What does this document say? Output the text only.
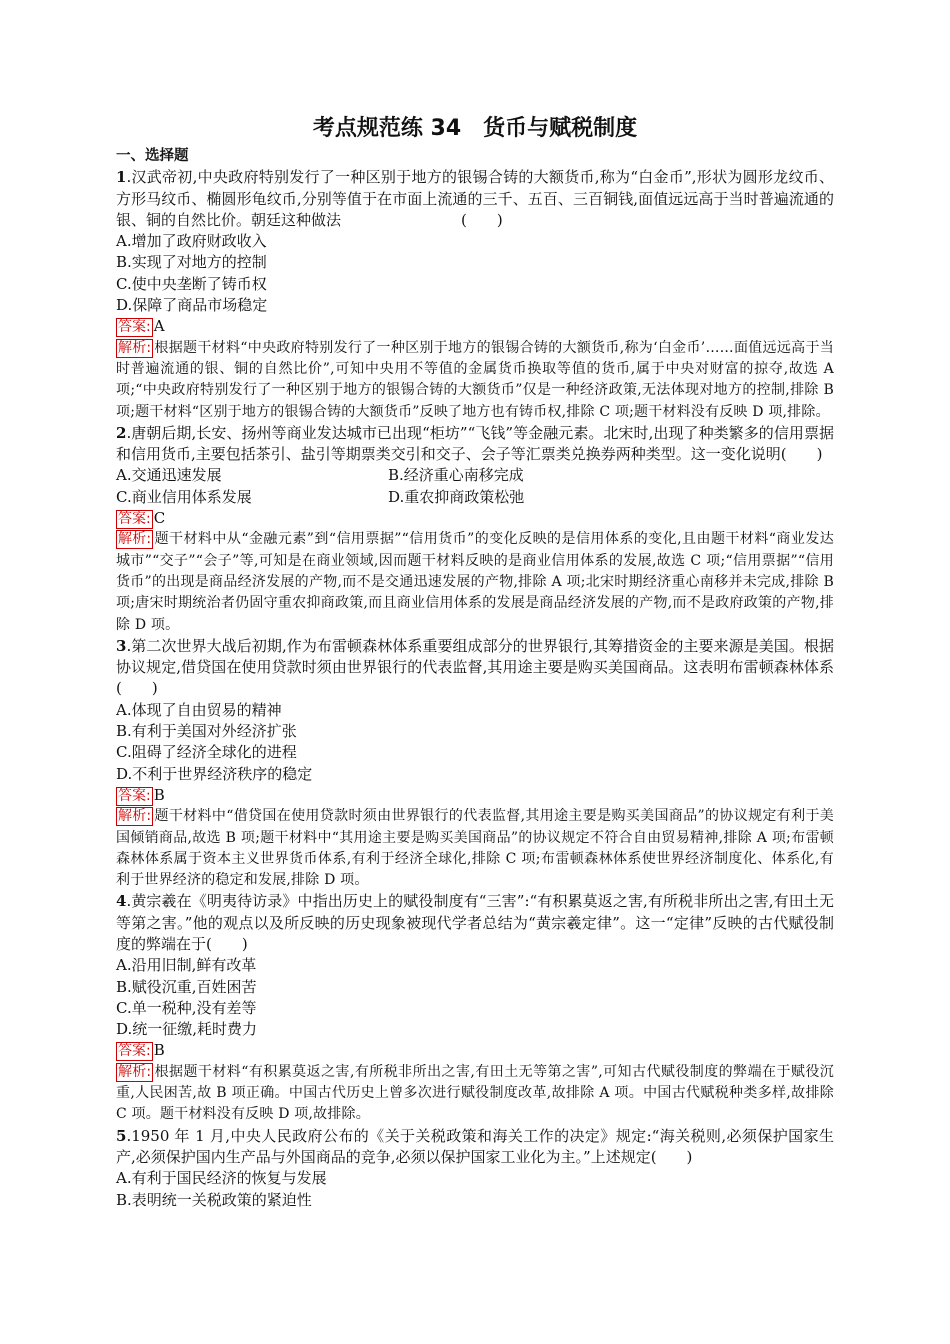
考点规范练 34　货币与赋税制度
一、选择题
1.汉武帝初,中央政府特别发行了一种区别于地方的银锡合铸的大额货币,称为“白金币”,形状为圆形龙纹币、方形马纹币、椭圆形龟纹币,分别等值于在市面上流通的三千、五百、三百铜钱,面值远远高于当时普遍流通的银、铜的自然比价。朝廷这种做法　　　　　　　　(　　)
A.增加了政府财政收入
B.实现了对地方的控制
C.使中央垄断了铸币权
D.保障了商品市场稳定
答案: A
解析: 根据题干材料“中央政府特别发行了一种区别于地方的银锡合铸的大额货币,称为‘白金币’……面值远远高于当时普遍流通的银、铜的自然比价”,可知中央用不等值的金属货币换取等值的货币,属于中央对财富的掠夺,故选 A 项;“中央政府特别发行了一种区别于地方的银锡合铸的大额货币”仅是一种经济政策,无法体现对地方的控制,排除 B 项;题干材料“区别于地方的银锡合铸的大额货币”反映了地方也有铸币权,排除 C 项;题干材料没有反映 D 项,排除。
2.唐朝后期,长安、扬州等商业发达城市已出现“柜坊”“飞钱”等金融元素。北宋时,出现了种类繁多的信用票据和信用货币,主要包括茶引、盐引等期票类交引和交子、会子等汇票类兑换券两种类型。这一变化说明(　　)
A.交通迅速发展	B.经济重心南移完成
C.商业信用体系发展	D.重农抑商政策松弛
答案: C
解析: 题干材料中从“金融元素”到“信用票据”“信用货币”的变化反映的是信用体系的变化,且由题干材料“商业发达城市”“交子”“会子”等,可知是在商业领域,因而题干材料反映的是商业信用体系的发展,故选 C 项;“信用票据”“信用货币”的出现是商品经济发展的产物,而不是交通迅速发展的产物,排除 A 项;北宋时期经济重心南移并未完成,排除 B 项;唐宋时期统治者仍固守重农抑商政策,而且商业信用体系的发展是商品经济发展的产物,而不是政府政策的产物,排除 D 项。
3.第二次世界大战后初期,作为布雷顿森林体系重要组成部分的世界银行,其筹措资金的主要来源是美国。根据协议规定,借贷国在使用贷款时须由世界银行的代表监督,其用途主要是购买美国商品。这表明布雷顿森林体系(　　)
A.体现了自由贸易的精神
B.有利于美国对外经济扩张
C.阻碍了经济全球化的进程
D.不利于世界经济秩序的稳定
答案: B
解析: 题干材料中“借贷国在使用贷款时须由世界银行的代表监督,其用途主要是购买美国商品”的协议规定有利于美国倾销商品,故选 B 项;题干材料中“其用途主要是购买美国商品”的协议规定不符合自由贸易精神,排除 A 项;布雷顿森林体系属于资本主义世界货币体系,有利于经济全球化,排除 C 项;布雷顿森林体系使世界经济制度化、体系化,有利于世界经济的稳定和发展,排除 D 项。
4.黄宗羲在《明夷待访录》中指出历史上的赋役制度有“三害”:“有积累莫返之害,有所税非所出之害,有田土无等第之害。”他的观点以及所反映的历史现象被现代学者总结为“黄宗羲定律”。这一“定律”反映的古代赋役制度的弊端在于(　　)
A.沿用旧制,鲜有改革
B.赋役沉重,百姓困苦
C.单一税种,没有差等
D.统一征缴,耗时费力
答案: B
解析: 根据题干材料“有积累莫返之害,有所税非所出之害,有田土无等第之害”,可知古代赋役制度的弊端在于赋役沉重,人民困苦,故 B 项正确。中国古代历史上曾多次进行赋役制度改革,故排除 A 项。中国古代赋税种类多样,故排除 C 项。题干材料没有反映 D 项,故排除。
5.1950 年 1 月,中央人民政府公布的《关于关税政策和海关工作的决定》规定:“海关税则,必须保护国家生产,必须保护国内生产品与外国商品的竞争,必须以保护国家工业化为主。”上述规定(　　)
A.有利于国民经济的恢复与发展
B.表明统一关税政策的紧迫性
